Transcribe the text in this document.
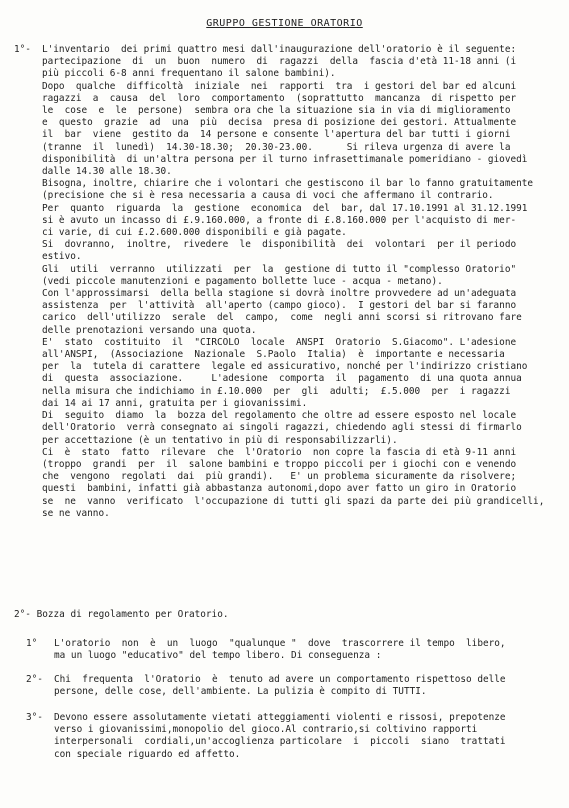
GRUPPO GESTIONE ORATORIO
1°- L'inventario  dei primi quattro mesi dall'inaugurazione dell'oratorio è il seguente:
partecipazione  di  un  buon  numero  di  ragazzi  della  fascia d'età 11-18 anni (i
più piccoli 6-8 anni frequentano il salone bambini).
Dopo  qualche  difficoltà  iniziale  nei  rapporti  tra  i gestori del bar ed alcuni
ragazzi  a  causa  del  loro  comportamento  (soprattutto  mancanza  di rispetto per
le  cose  e  le  persone)  sembra ora che la situazione sia in via di miglioramento
e  questo  grazie  ad  una  più  decisa  presa di posizione dei gestori. Attualmente
il  bar  viene  gestito da  14 persone e consente l'apertura del bar tutti i giorni
(tranne  il  lunedì)  14.30-18.30;  20.30-23.00.      Si rileva urgenza di avere la
disponibilità  di un'altra persona per il turno infrasettimanale pomeridiano - giovedì
dalle 14.30 alle 18.30.
Bisogna, inoltre, chiarire che i volontari che gestiscono il bar lo fanno gratuitamente
(precisione che si è resa necessaria a causa di voci che affermano il contrario.
Per  quanto  riguarda  la  gestione  economica  del  bar, dal 17.10.1991 al 31.12.1991
si è avuto un incasso di £.9.160.000, a fronte di £.8.160.000 per l'acquisto di mer-
ci varie, di cui £.2.600.000 disponibili e già pagate.
Si  dovranno,  inoltre,  rivedere  le  disponibilità  dei  volontari  per il periodo
estivo.
Gli  utili  verranno  utilizzati  per  la  gestione di tutto il "complesso Oratorio"
(vedi piccole manutenzioni e pagamento bollette luce - acqua - metano).
Con l'approssimarsi  della bella stagione si dovrà inoltre provvedere ad un'adeguata
assistenza  per  l'attività  all'aperto (campo gioco).  I gestori del bar si faranno
carico  dell'utilizzo  serale  del  campo,  come  negli anni scorsi si ritrovano fare
delle prenotazioni versando una quota.
E'  stato  costituito  il  "CIRCOLO  locale  ANSPI  Oratorio  S.Giacomo". L'adesione
all'ANSPI,  (Associazione  Nazionale  S.Paolo  Italia)  è  importante e necessaria
per  la  tutela di carattere  legale ed assicurativo, nonché per l'indirizzo cristiano
di  questa  associazione.     L'adesione  comporta  il  pagamento  di una quota annua
nella misura che indichiamo in £.10.000  per  gli  adulti;  £.5.000  per  i ragazzi
dai 14 ai 17 anni, gratuita per i giovanissimi.
Di  seguito  diamo  la  bozza del regolamento che oltre ad essere esposto nel locale
dell'Oratorio  verrà consegnato ai singoli ragazzi, chiedendo agli stessi di firmarlo
per accettazione (è un tentativo in più di responsabilizzarli).
Ci  è  stato  fatto  rilevare  che  l'Oratorio  non copre la fascia di età 9-11 anni
(troppo  grandi  per  il  salone bambini e troppo piccoli per i giochi con e venendo
che  vengono  regolati  dai  più grandi).   E' un problema sicuramente da risolvere;
questi  bambini, infatti già abbastanza autonomi,dopo aver fatto un giro in Oratorio
se  ne  vanno  verificato  l'occupazione di tutti gli spazi da parte dei più grandicelli,
se ne vanno.
2°- Bozza di regolamento per Oratorio.
1°	L'oratorio  non  è  un  luogo  "qualunque "  dove  trascorrere il tempo  libero,
ma un luogo "educativo" del tempo libero. Di conseguenza :
2°-	Chi  frequenta  l'Oratorio  è  tenuto ad avere un comportamento rispettoso delle
persone, delle cose, dell'ambiente. La pulizia è compito di TUTTI.
3°-	Devono essere assolutamente vietati atteggiamenti violenti e rissosi, prepotenze
verso i giovanissimi,monopolio del gioco.Al contrario,si coltivino rapporti
interpersonali  cordiali,un'accoglienza particolare  i  piccoli  siano  trattati
con speciale riguardo ed affetto.
